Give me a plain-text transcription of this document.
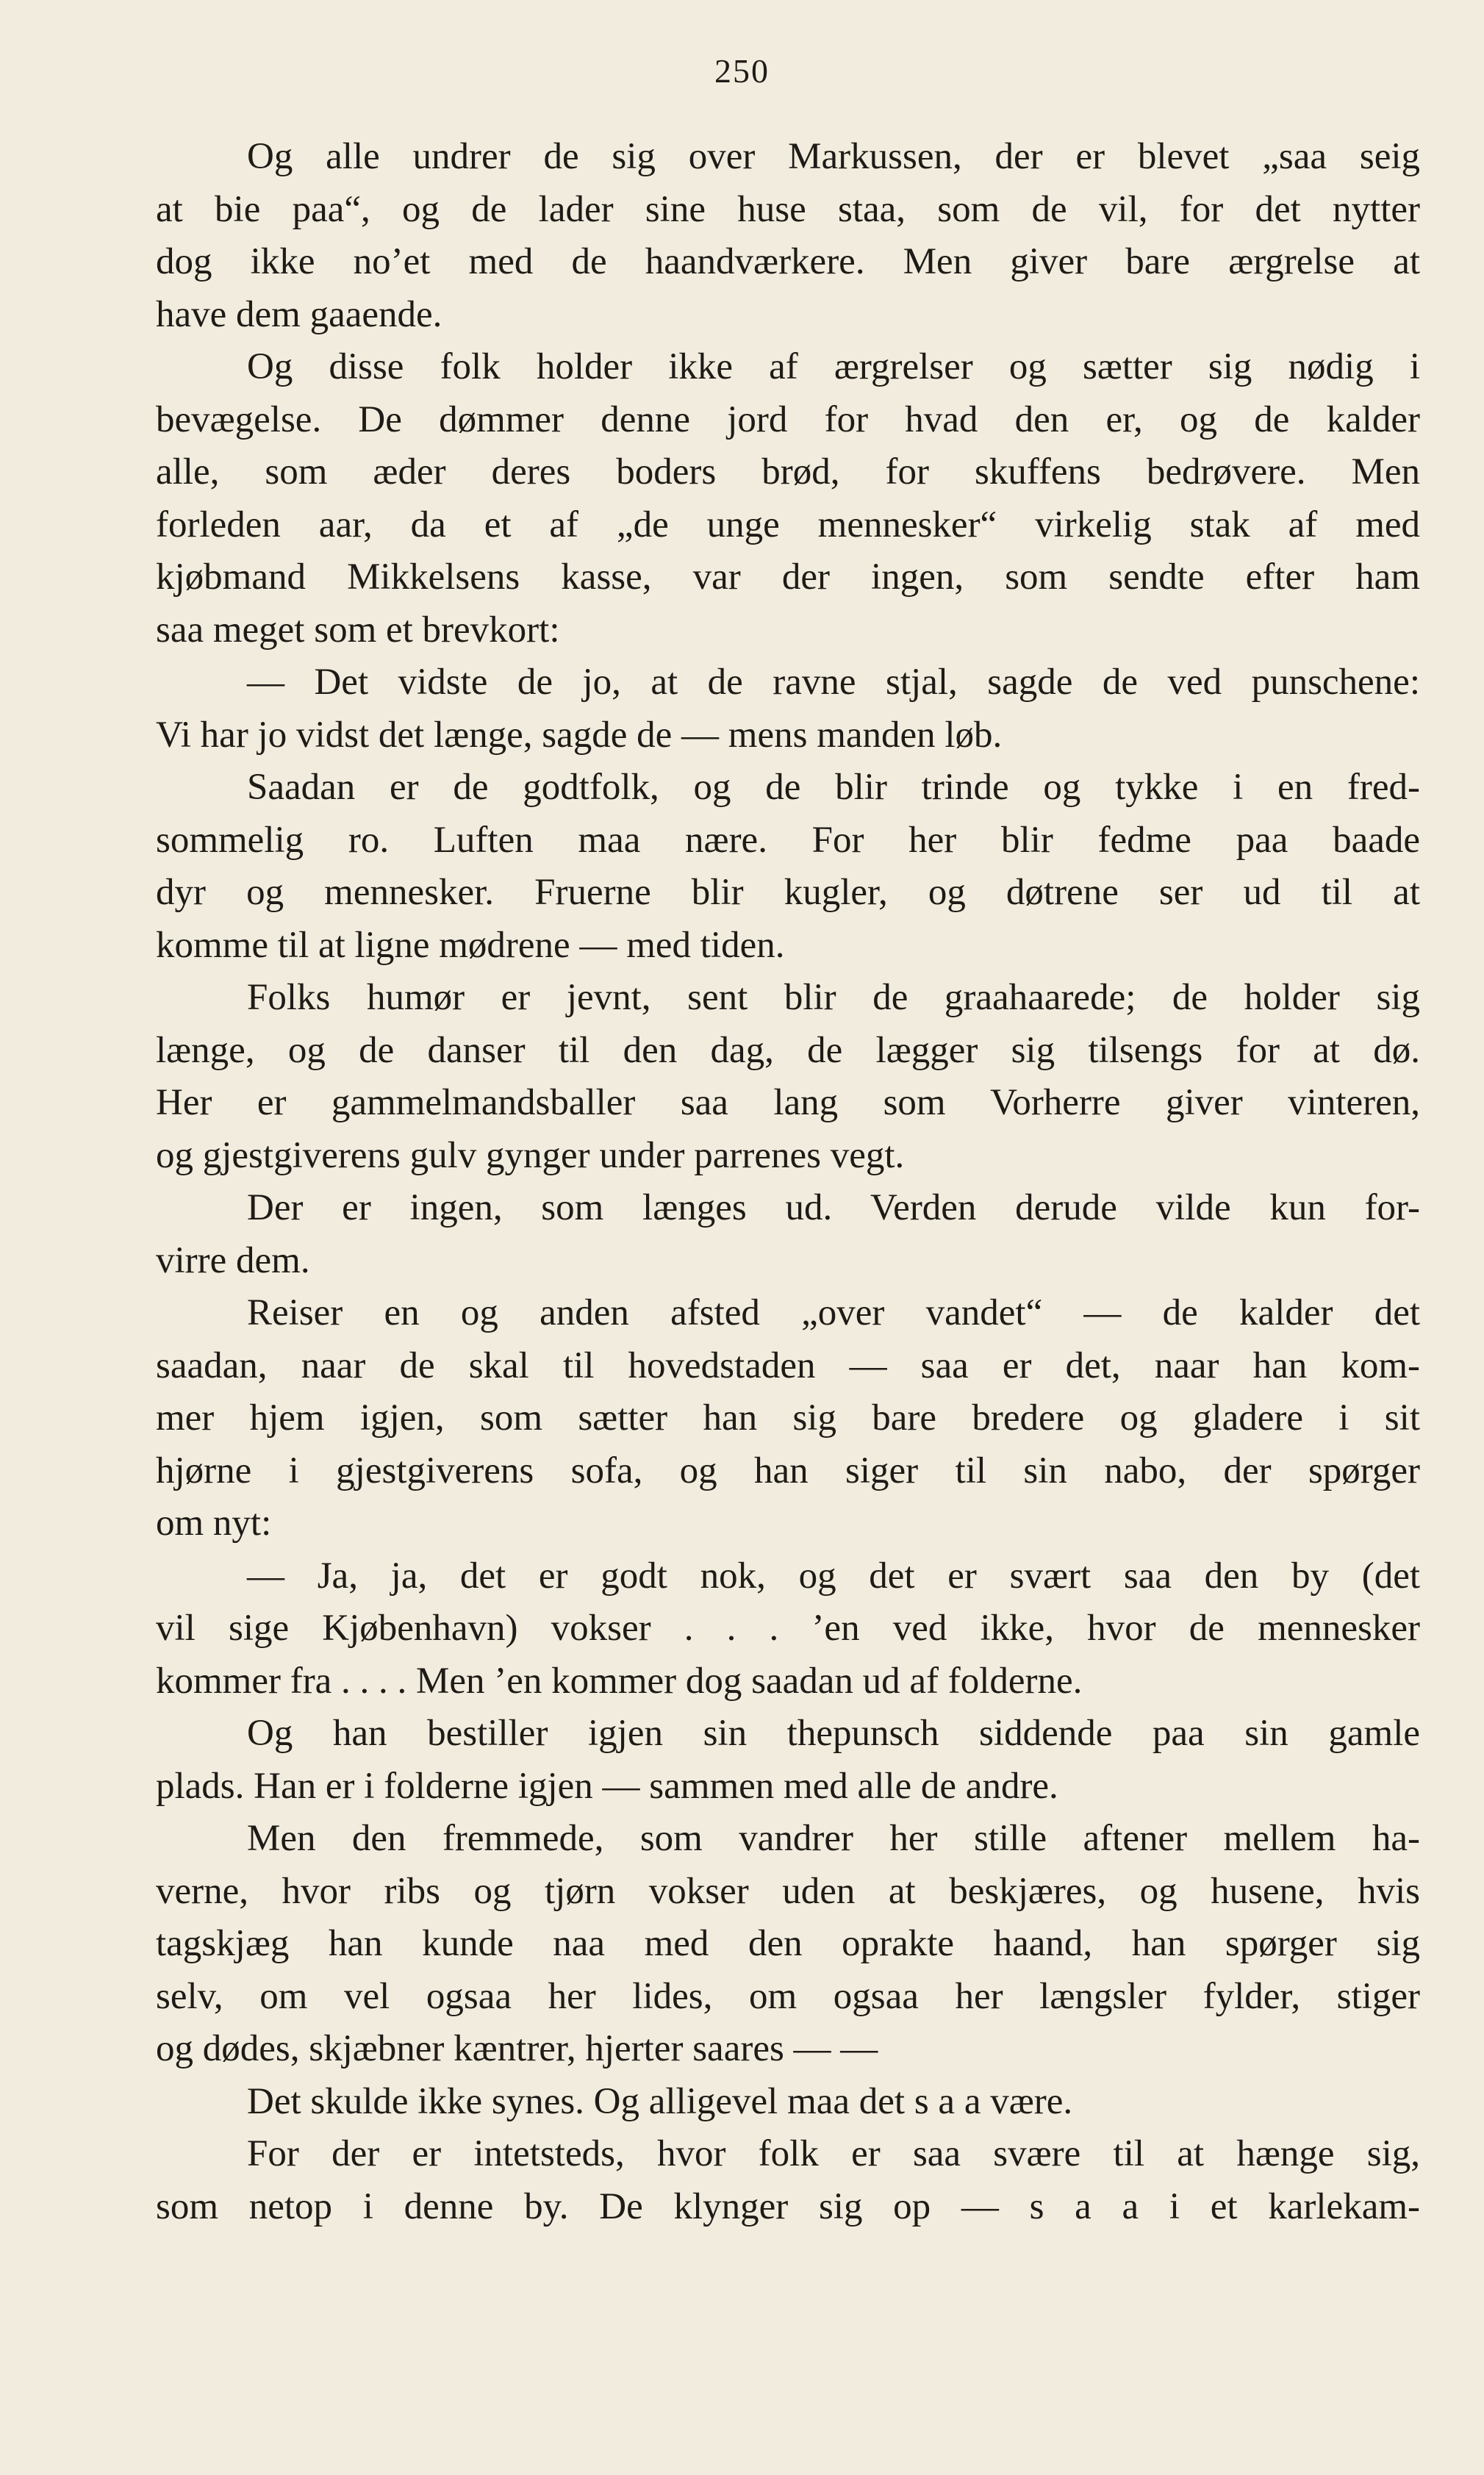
250
Og alle undrer de sig over Markussen, der er blevet „saa seig
at bie paa“, og de lader sine huse staa, som de vil, for det nytter
dog ikke no’et med de haandværkere. Men giver bare ærgrelse at
have dem gaaende.
Og disse folk holder ikke af ærgrelser og sætter sig nødig i
bevægelse. De dømmer denne jord for hvad den er, og de kalder
alle, som æder deres boders brød, for skuffens bedrøvere. Men
forleden aar, da et af „de unge mennesker“ virkelig stak af med
kjøbmand Mikkelsens kasse, var der ingen, som sendte efter ham
saa meget som et brevkort:
— Det vidste de jo, at de ravne stjal, sagde de ved punschene:
Vi har jo vidst det længe, sagde de — mens manden løb.
Saadan er de godtfolk, og de blir trinde og tykke i en fred-
sommelig ro. Luften maa nære. For her blir fedme paa baade
dyr og mennesker. Fruerne blir kugler, og døtrene ser ud til at
komme til at ligne mødrene — med tiden.
Folks humør er jevnt, sent blir de graahaarede; de holder sig
længe, og de danser til den dag, de lægger sig tilsengs for at dø.
Her er gammelmandsballer saa lang som Vorherre giver vinteren,
og gjestgiverens gulv gynger under parrenes vegt.
Der er ingen, som længes ud. Verden derude vilde kun for-
virre dem.
Reiser en og anden afsted „over vandet“ — de kalder det
saadan, naar de skal til hovedstaden — saa er det, naar han kom-
mer hjem igjen, som sætter han sig bare bredere og gladere i sit
hjørne i gjestgiverens sofa, og han siger til sin nabo, der spørger
om nyt:
— Ja, ja, det er godt nok, og det er svært saa den by (det
vil sige Kjøbenhavn) vokser . . . ’en ved ikke, hvor de mennesker
kommer fra . . . . Men ’en kommer dog saadan ud af folderne.
Og han bestiller igjen sin thepunsch siddende paa sin gamle
plads. Han er i folderne igjen — sammen med alle de andre.
Men den fremmede, som vandrer her stille aftener mellem ha-
verne, hvor ribs og tjørn vokser uden at beskjæres, og husene, hvis
tagskjæg han kunde naa med den oprakte haand, han spørger sig
selv, om vel ogsaa her lides, om ogsaa her længsler fylder, stiger
og dødes, skjæbner kæntrer, hjerter saares — —
Det skulde ikke synes. Og alligevel maa det s a a være.
For der er intetsteds, hvor folk er saa svære til at hænge sig,
som netop i denne by. De klynger sig op — s a a i et karlekam-
